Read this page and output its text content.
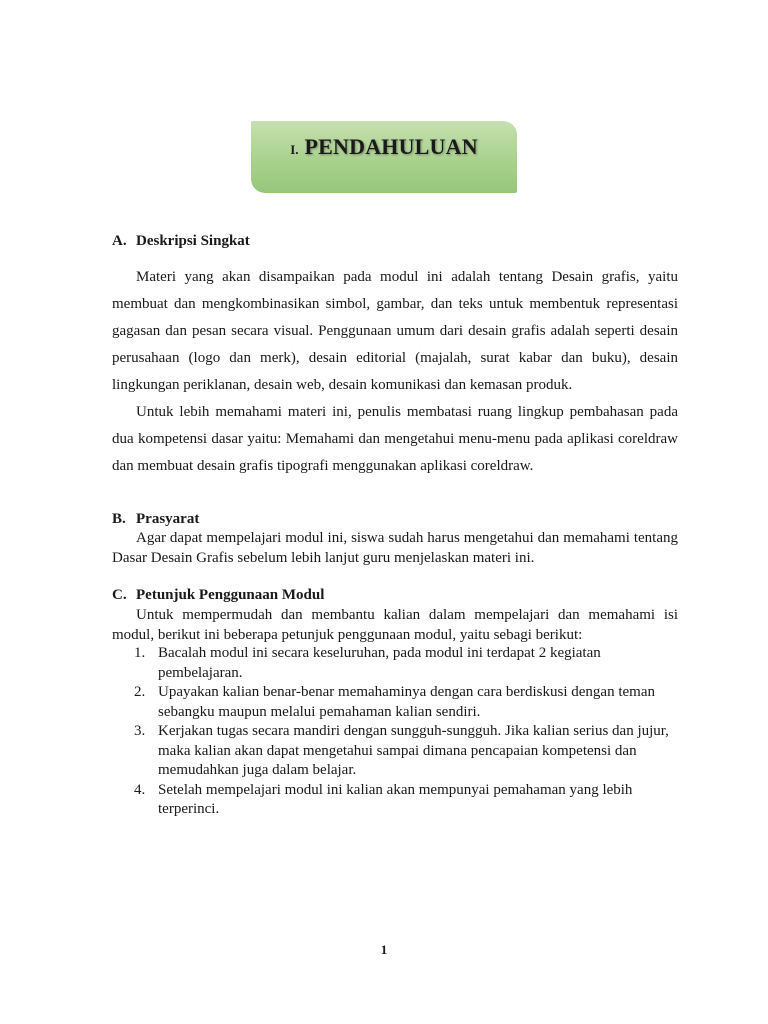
I. PENDAHULUAN
A. Deskripsi Singkat

Materi yang akan disampaikan pada modul ini adalah tentang Desain grafis, yaitu membuat dan mengkombinasikan simbol, gambar, dan teks untuk membentuk representasi gagasan dan pesan secara visual. Penggunaan umum dari desain grafis adalah seperti desain perusahaan (logo dan merk), desain editorial (majalah, surat kabar dan buku), desain lingkungan periklanan, desain web, desain komunikasi dan kemasan produk.

Untuk lebih memahami materi ini, penulis membatasi ruang lingkup pembahasan pada dua kompetensi dasar yaitu: Memahami dan mengetahui menu-menu pada aplikasi coreldraw dan membuat desain grafis tipografi menggunakan aplikasi coreldraw.

B. Prasyarat

Agar dapat mempelajari modul ini, siswa sudah harus mengetahui dan memahami tentang Dasar Desain Grafis sebelum lebih lanjut guru menjelaskan materi ini.

C. Petunjuk Penggunaan Modul

Untuk mempermudah dan membantu kalian dalam mempelajari dan memahami isi modul, berikut ini beberapa petunjuk penggunaan modul, yaitu sebagi berikut:

1. Bacalah modul ini secara keseluruhan, pada modul ini terdapat 2 kegiatan pembelajaran.
2. Upayakan kalian benar-benar memahaminya dengan cara berdiskusi dengan teman sebangku maupun melalui pemahaman kalian sendiri.
3. Kerjakan tugas secara mandiri dengan sungguh-sungguh. Jika kalian serius dan jujur, maka kalian akan dapat mengetahui sampai dimana pencapaian kompetensi dan memudahkan juga dalam belajar.
4. Setelah mempelajari modul ini kalian akan mempunyai pemahaman yang lebih terperinci.
1
